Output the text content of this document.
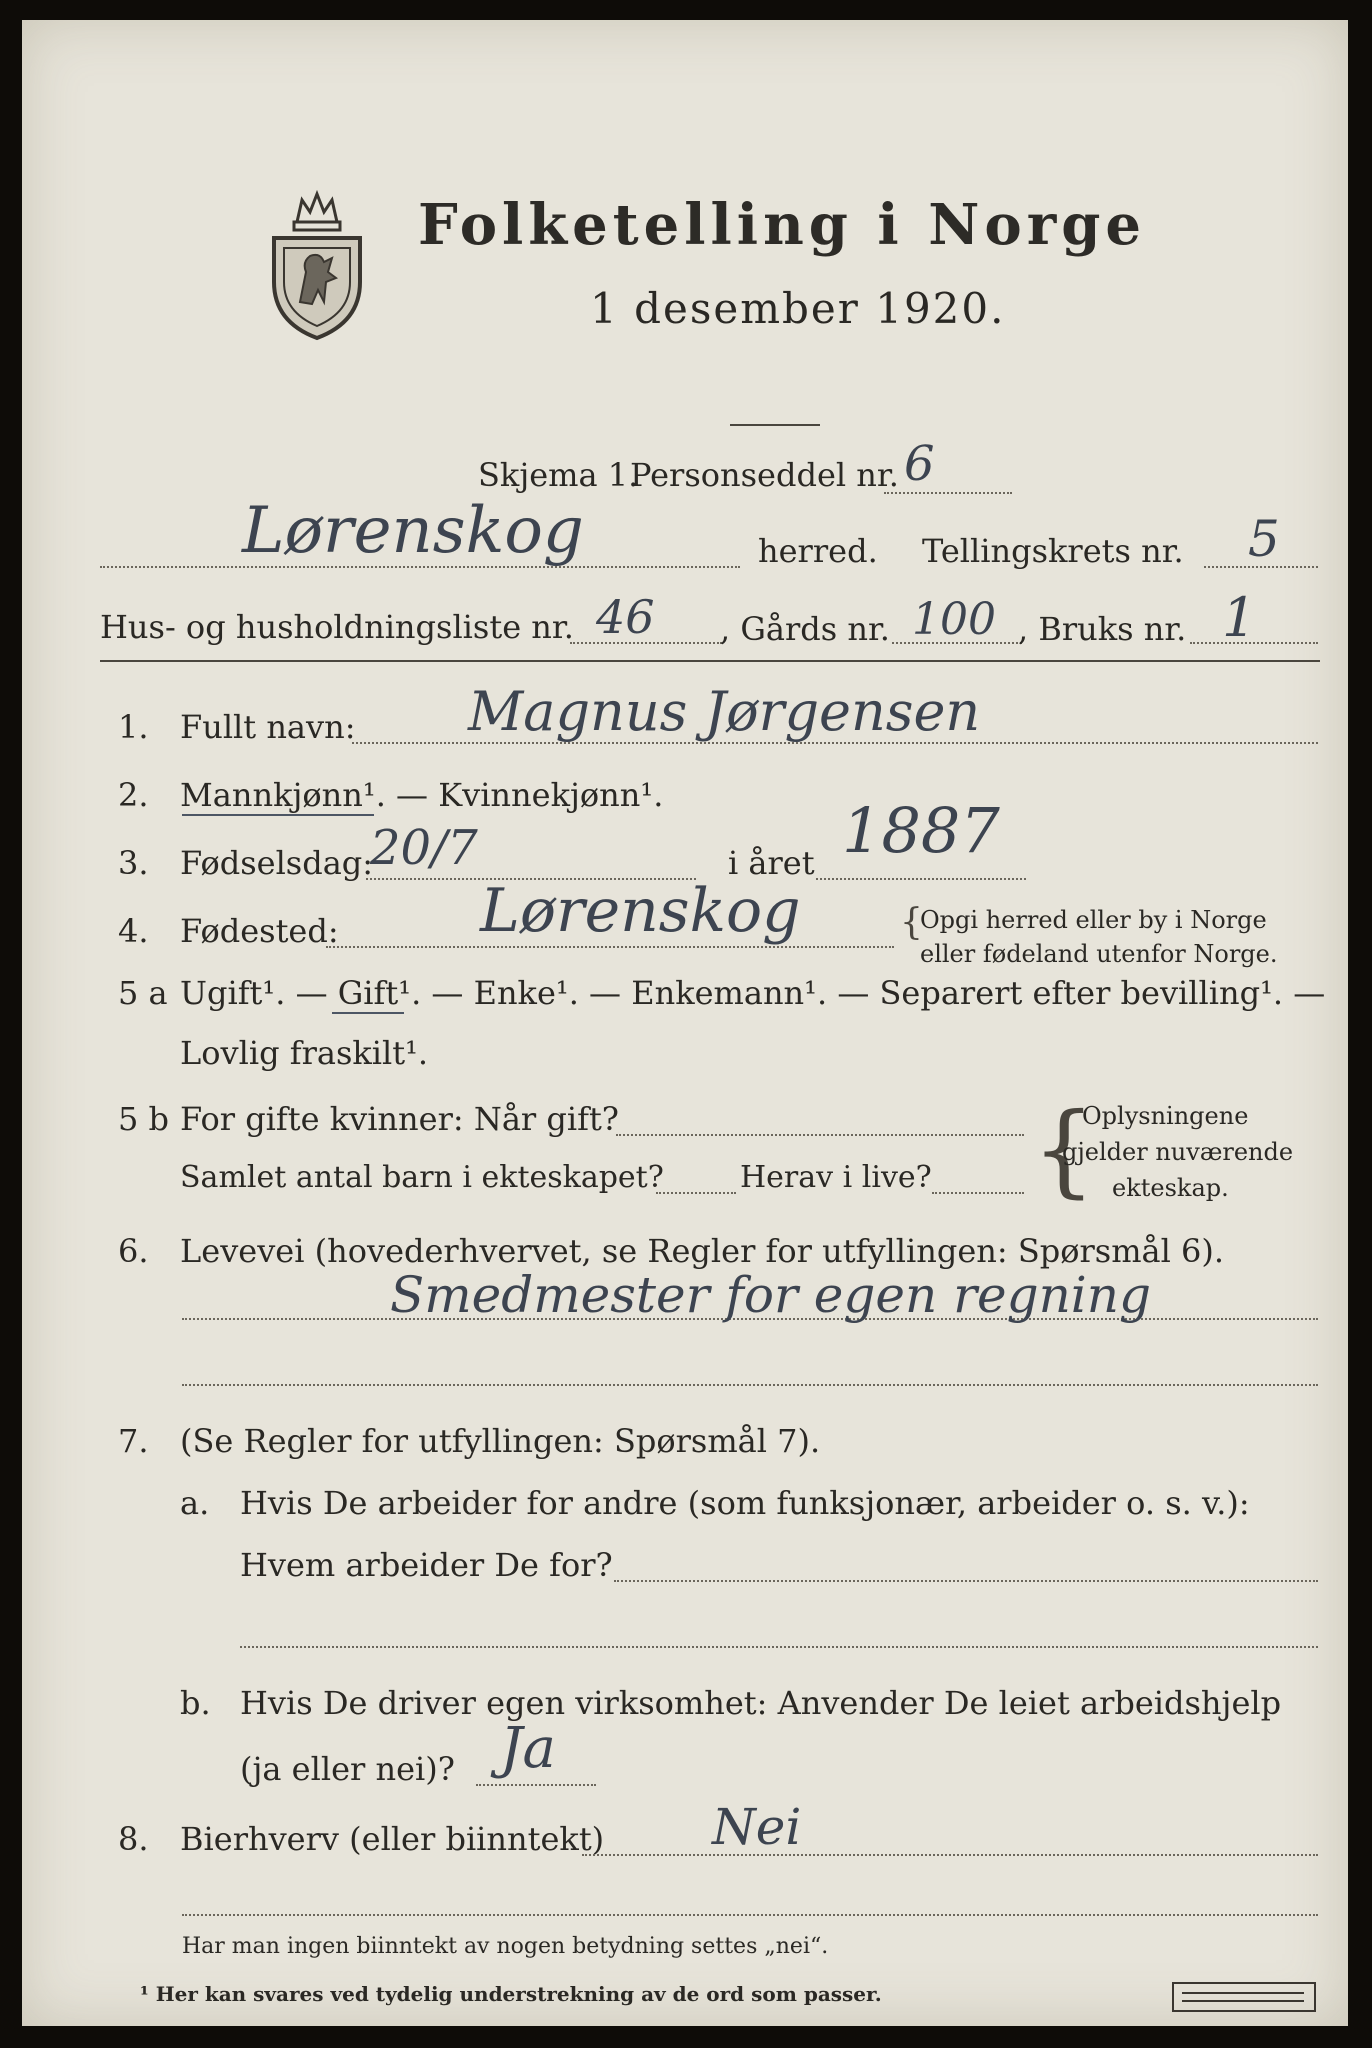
Folketelling i Norge
1 desember 1920.
Skjema 1.
Personseddel nr. 6
Lørenskog	herred. Tellingskrets nr. 5
Hus- og husholdningsliste nr. 46 , Gårds nr. 100 , Bruks nr. 1
1. Fullt navn: Magnus Jørgensen
2. Mannkjønn¹. — Kvinnekjønn¹.
3. Fødselsdag:
20/7	i året 1887
4. Fødested: Lørenskog	{
Opgi herred eller by i Norge
eller fødeland utenfor Norge.
5 a Ugift¹. — Gift¹. — Enke¹. — Enkemann¹. — Separert efter bevilling¹. —
Lovlig fraskilt¹.
5 b For gifte kvinner: Når gift?
Samlet antal barn i ekteskapet?	Herav i live? {
Oplysningene
gjelder nuværende
ekteskap.
6. Levevei (hovederhvervet, se Regler for utfyllingen: Spørsmål 6).
Smedmester for egen regning
7. (Se Regler for utfyllingen: Spørsmål 7).
a. Hvis De arbeider for andre (som funksjonær, arbeider o. s. v.):
Hvem arbeider De for?
b. Hvis De driver egen virksomhet: Anvender De leiet arbeidshjelp
(ja eller nei)? Ja
8. Bierhverv (eller biinntekt) Nei
Har man ingen biinntekt av nogen betydning settes „nei“.
¹ Her kan svares ved tydelig understrekning av de ord som passer.
